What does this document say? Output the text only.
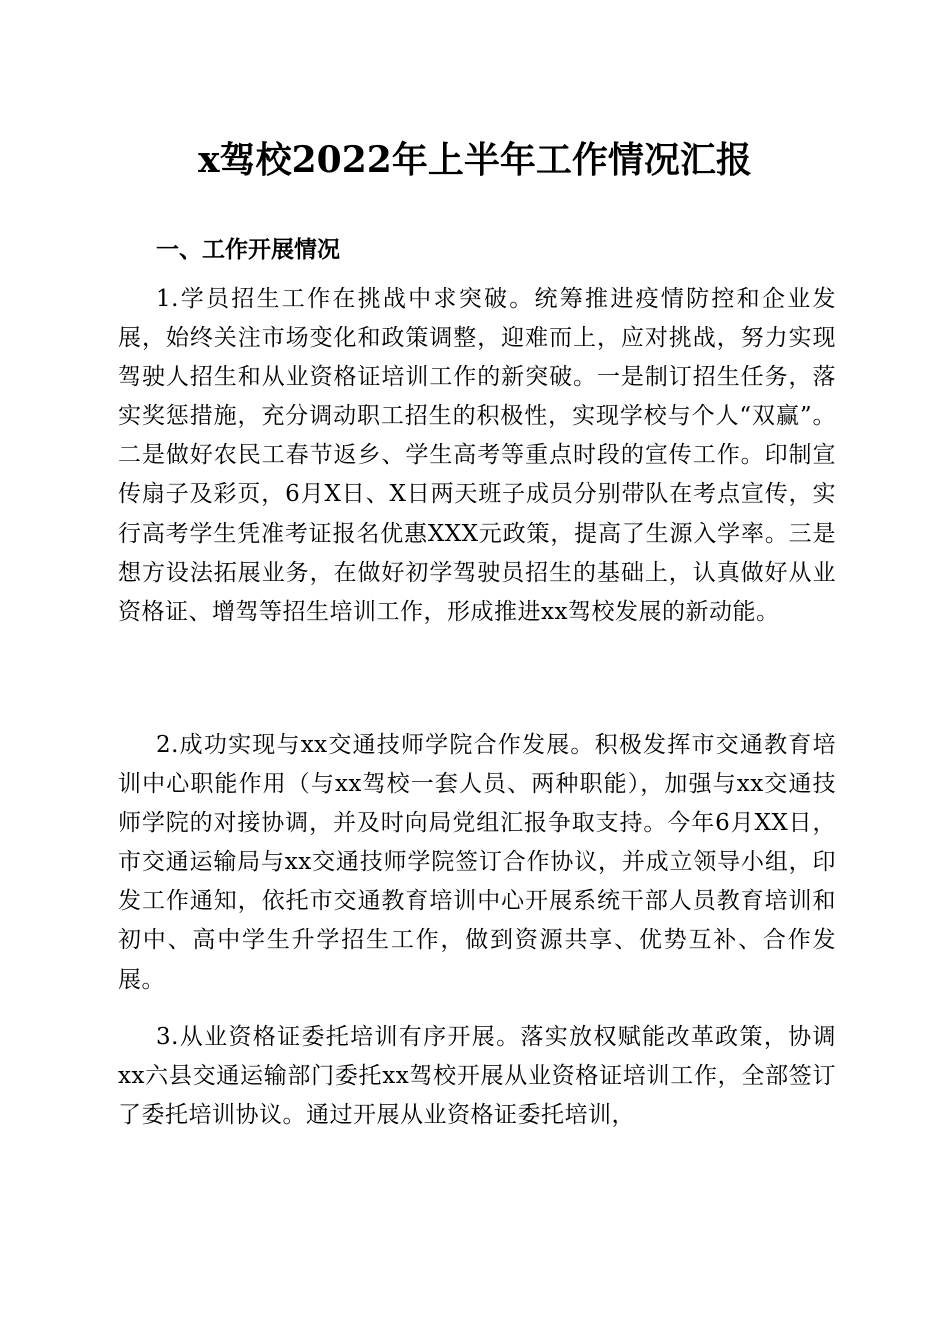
x驾校2022年上半年工作情况汇报
一、工作开展情况

1.学员招生工作在挑战中求突破。统筹推进疫情防控和企业发展，始终关注市场变化和政策调整，迎难而上，应对挑战，努力实现驾驶人招生和从业资格证培训工作的新突破。一是制订招生任务，落实奖惩措施，充分调动职工招生的积极性，实现学校与个人“双赢”。二是做好农民工春节返乡、学生高考等重点时段的宣传工作。印制宣传扇子及彩页，6月X日、X日两天班子成员分别带队在考点宣传，实行高考学生凭准考证报名优惠XXX元政策，提高了生源入学率。三是想方设法拓展业务，在做好初学驾驶员招生的基础上，认真做好从业资格证、增驾等招生培训工作，形成推进xx驾校发展的新动能。

2.成功实现与xx交通技师学院合作发展。积极发挥市交通教育培训中心职能作用（与xx驾校一套人员、两种职能），加强与xx交通技师学院的对接协调，并及时向局党组汇报争取支持。今年6月XX日，市交通运输局与xx交通技师学院签订合作协议，并成立领导小组，印发工作通知，依托市交通教育培训中心开展系统干部人员教育培训和初中、高中学生升学招生工作，做到资源共享、优势互补、合作发展。

3.从业资格证委托培训有序开展。落实放权赋能改革政策，协调xx六县交通运输部门委托xx驾校开展从业资格证培训工作，全部签订了委托培训协议。通过开展从业资格证委托培训，
